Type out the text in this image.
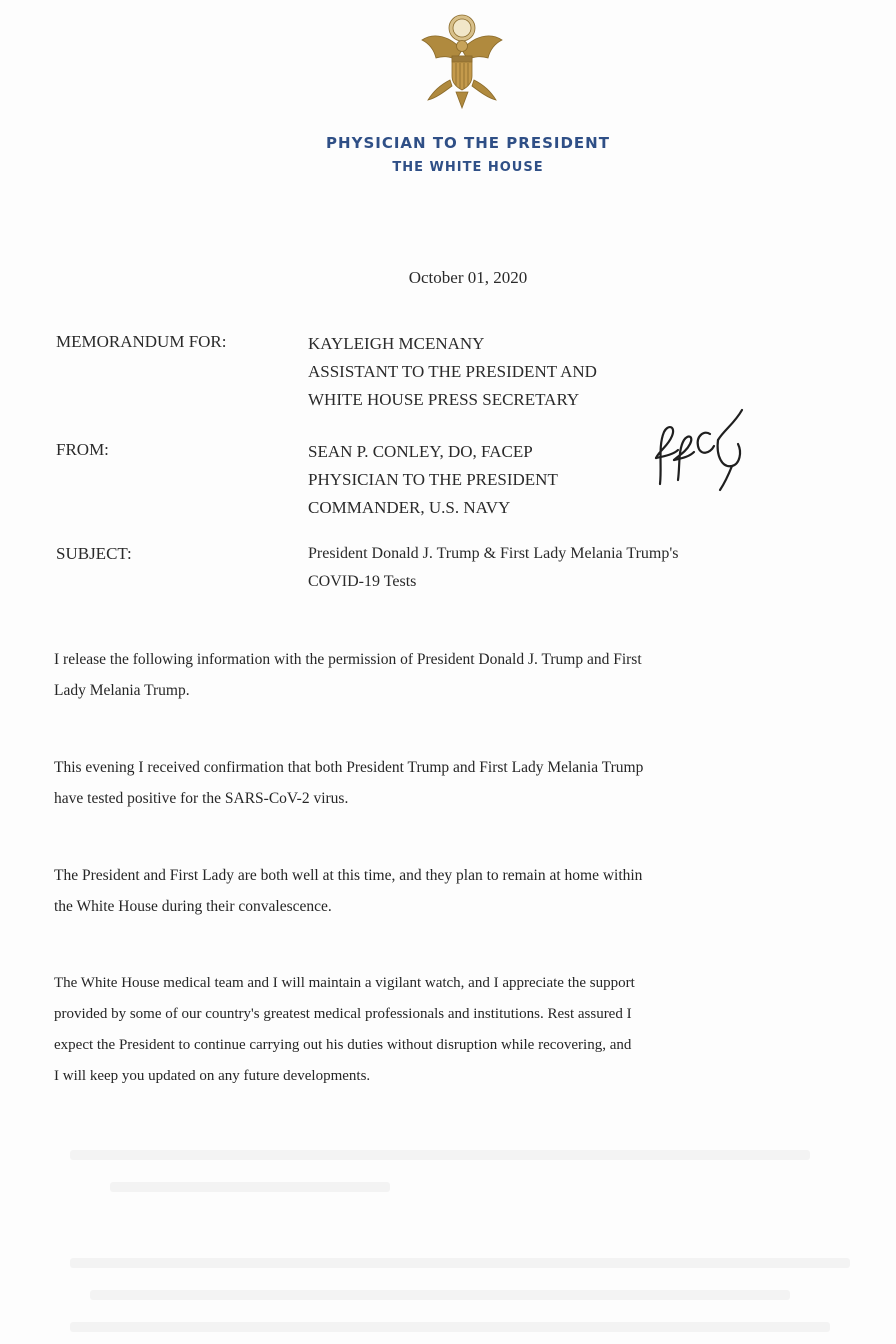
PHYSICIAN TO THE PRESIDENT
THE WHITE HOUSE
October 01, 2020
MEMORANDUM FOR:	KAYLEIGH MCENANY
ASSISTANT TO THE PRESIDENT AND
WHITE HOUSE PRESS SECRETARY
FROM:	SEAN P. CONLEY, DO, FACEP
PHYSICIAN TO THE PRESIDENT
COMMANDER, U.S. NAVY
SUBJECT:	President Donald J. Trump & First Lady Melania Trump's
COVID-19 Tests
I release the following information with the permission of President Donald J. Trump and First
Lady Melania Trump.
This evening I received confirmation that both President Trump and First Lady Melania Trump
have tested positive for the SARS-CoV-2 virus.
The President and First Lady are both well at this time, and they plan to remain at home within
the White House during their convalescence.
The White House medical team and I will maintain a vigilant watch, and I appreciate the support
provided by some of our country's greatest medical professionals and institutions. Rest assured I
expect the President to continue carrying out his duties without disruption while recovering, and
I will keep you updated on any future developments.
